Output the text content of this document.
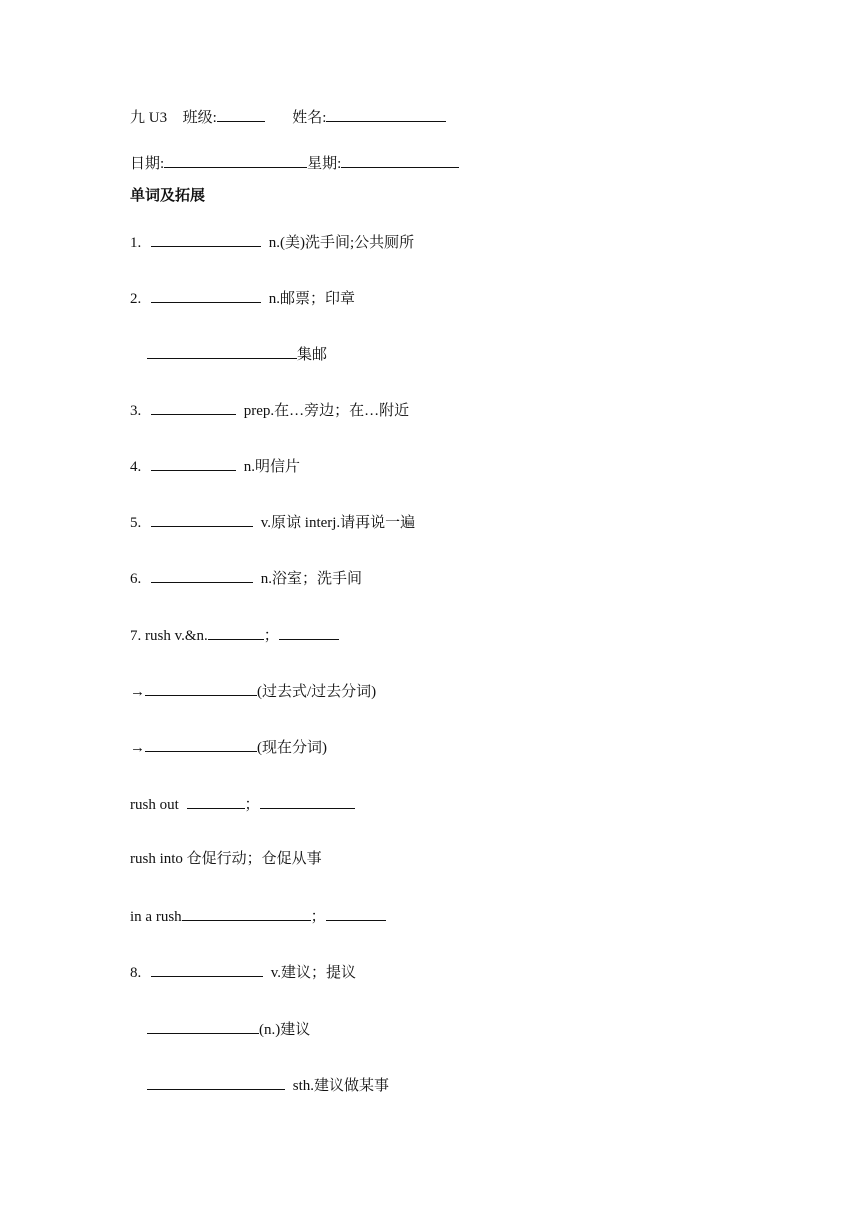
九 U3 班级:	姓名:
日期:	星期:
单词及拓展
1.	n.(美)洗手间;公共厕所
2.	n.邮票；印章
集邮
3.	prep.在…旁边；在…附近
4.	n.明信片
5.	v.原谅 interj.请再说一遍
6.	n.浴室；洗手间
7. rush v.&n.	；
→	(过去式/过去分词)
→	(现在分词)
rush out	；
rush into 仓促行动；仓促从事
in a rush	；
8.	v.建议；提议
(n.)建议
sth.建议做某事
